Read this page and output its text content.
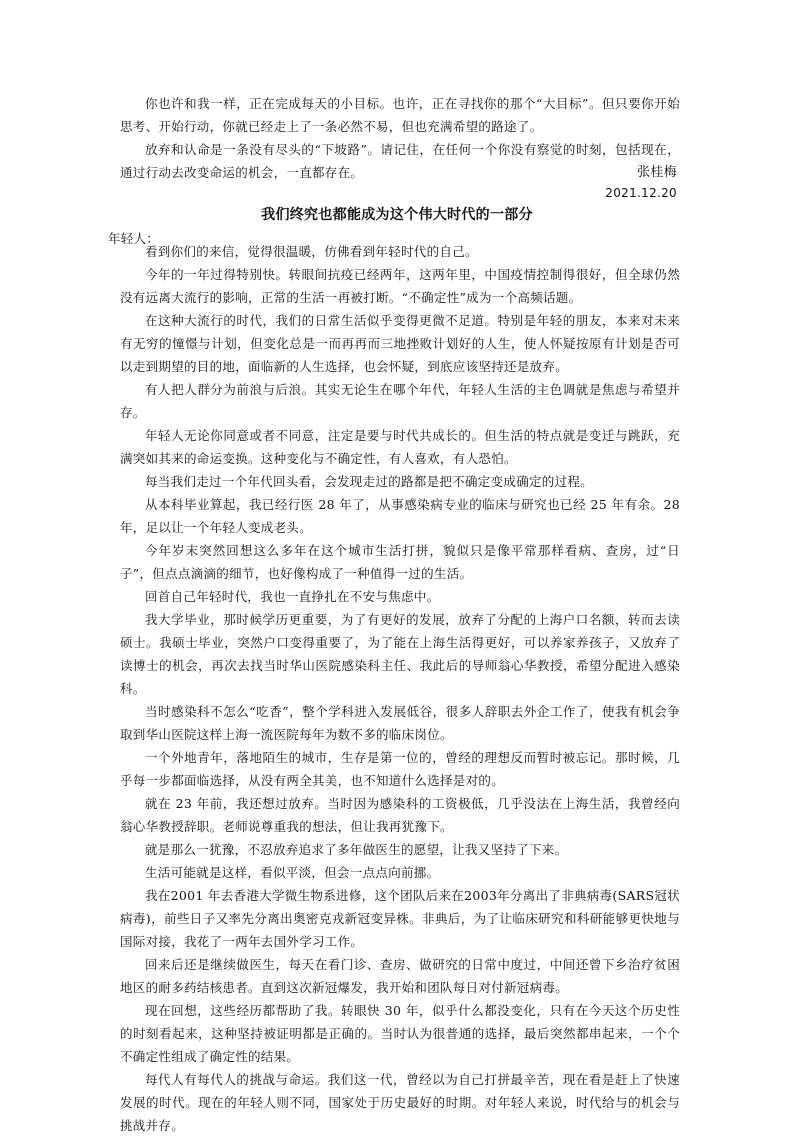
你也许和我一样，正在完成每天的小目标。也许，正在寻找你的那个“大目标”。但只要你开始思考、开始行动，你就已经走上了一条必然不易，但也充满希望的路途了。

放弃和认命是一条没有尽头的“下坡路”。请记住，在任何一个你没有察觉的时刻，包括现在，通过行动去改变命运的机会，一直都存在。	张桂梅
2021.12.20
我们终究也都能成为这个伟大时代的一部分

年轻人：

看到你们的来信，觉得很温暖，仿佛看到年轻时代的自己。

今年的一年过得特别快。转眼间抗疫已经两年，这两年里，中国疫情控制得很好，但全球仍然没有远离大流行的影响，正常的生活一再被打断。“不确定性”成为一个高频话题。

在这种大流行的时代，我们的日常生活似乎变得更微不足道。特别是年轻的朋友，本来对未来有无穷的憧憬与计划，但变化总是一而再再而三地挫败计划好的人生，使人怀疑按原有计划是否可以走到期望的目的地，面临新的人生选择，也会怀疑，到底应该坚持还是放弃。

有人把人群分为前浪与后浪。其实无论生在哪个年代，年轻人生活的主色调就是焦虑与希望并存。

年轻人无论你同意或者不同意，注定是要与时代共成长的。但生活的特点就是变迁与跳跃，充满突如其来的命运变换。这种变化与不确定性，有人喜欢，有人恐怕。

每当我们走过一个年代回头看，会发现走过的路都是把不确定变成确定的过程。

从本科毕业算起，我已经行医 28 年了，从事感染病专业的临床与研究也已经 25 年有余。28 年，足以让一个年轻人变成老头。

今年岁末突然回想这么多年在这个城市生活打拼，貌似只是像平常那样看病、查房，过“日子”，但点点滴滴的细节，也好像构成了一种值得一过的生活。

回首自己年轻时代，我也一直挣扎在不安与焦虑中。

我大学毕业，那时候学历更重要，为了有更好的发展，放弃了分配的上海户口名额，转而去读硕士。我硕士毕业，突然户口变得重要了，为了能在上海生活得更好，可以养家养孩子，又放弃了读博士的机会，再次去找当时华山医院感染科主任、我此后的导师翁心华教授，希望分配进入感染科。

当时感染科不怎么“吃香”，整个学科进入发展低谷，很多人辞职去外企工作了，使我有机会争取到华山医院这样上海一流医院每年为数不多的临床岗位。

一个外地青年，落地陌生的城市，生存是第一位的，曾经的理想反而暂时被忘记。那时候，几乎每一步都面临选择，从没有两全其美，也不知道什么选择是对的。

就在 23 年前，我还想过放弃。当时因为感染科的工资极低，几乎没法在上海生活，我曾经向翁心华教授辞职。老师说尊重我的想法，但让我再犹豫下。

就是那么一犹豫，不忍放弃追求了多年做医生的愿望，让我又坚持了下来。

生活可能就是这样，看似平淡，但会一点点向前挪。

我在2001 年去香港大学微生物系进修，这个团队后来在2003年分离出了非典病毒(SARS冠状病毒)，前些日子又率先分离出奥密克戎新冠变异株。非典后，为了让临床研究和科研能够更快地与国际对接，我花了一两年去国外学习工作。

回来后还是继续做医生，每天在看门诊、查房、做研究的日常中度过，中间还曾下乡治疗贫困地区的耐多药结核患者。直到这次新冠爆发，我开始和团队每日对付新冠病毒。

现在回想，这些经历都帮助了我。转眼快 30 年，似乎什么都没变化，只有在今天这个历史性的时刻看起来，这种坚持被证明都是正确的。当时认为很普通的选择，最后突然都串起来，一个个不确定性组成了确定性的结果。

每代人有每代人的挑战与命运。我们这一代，曾经以为自己打拼最辛苦，现在看是赶上了快速发展的时代。现在的年轻人则不同，国家处于历史最好的时期。对年轻人来说，时代给与的机会与挑战并存。
